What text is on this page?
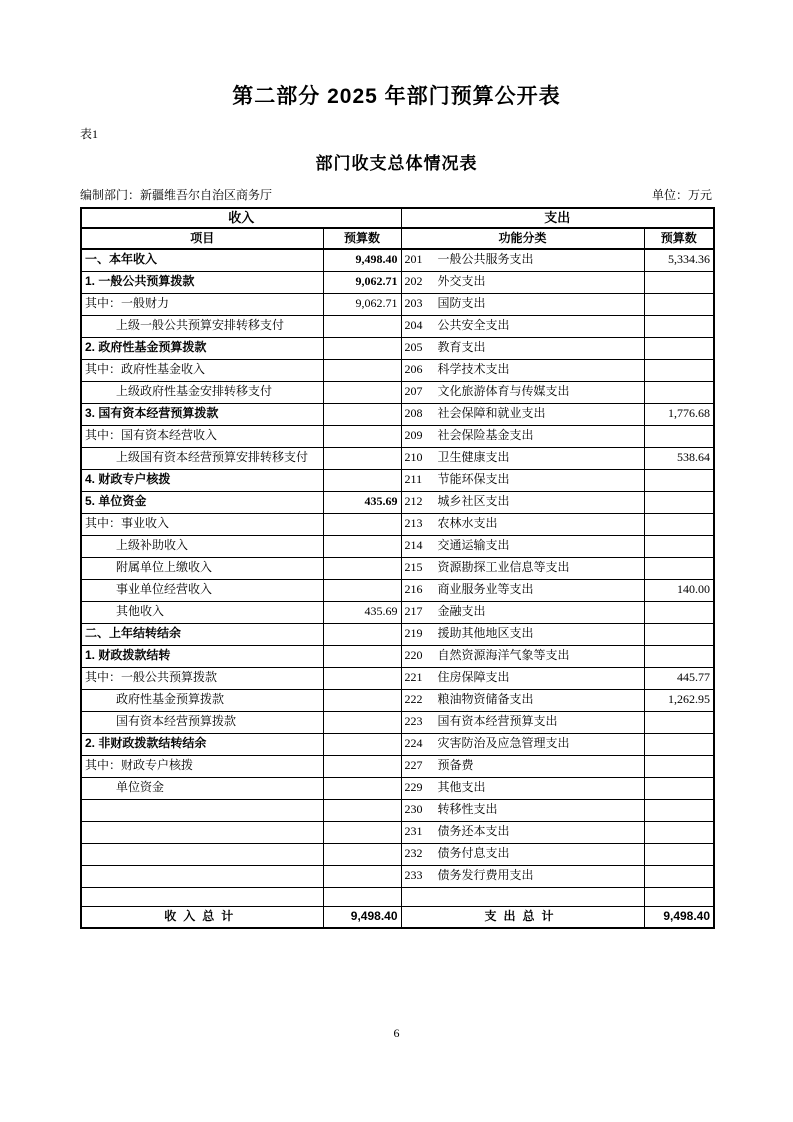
第二部分 2025 年部门预算公开表
表1
部门收支总体情况表
编制部门：新疆维吾尔自治区商务厅	单位：万元
收入		支出	
项目	预算数	功能分类	预算数
一、本年收入	9,498.40	201 一般公共服务支出	5,334.36
1. 一般公共预算拨款	9,062.71	202 外交支出	
其中：一般财力	9,062.71	203 国防支出	
上级一般公共预算安排转移支付		204 公共安全支出	
2. 政府性基金预算拨款		205 教育支出	
其中：政府性基金收入		206 科学技术支出	
上级政府性基金安排转移支付		207 文化旅游体育与传媒支出	
3. 国有资本经营预算拨款		208 社会保障和就业支出	1,776.68
其中：国有资本经营收入		209 社会保险基金支出	
上级国有资本经营预算安排转移支付		210 卫生健康支出	538.64
4. 财政专户核拨		211 节能环保支出	
5. 单位资金	435.69	212 城乡社区支出	
其中：事业收入		213 农林水支出	
上级补助收入		214 交通运输支出	
附属单位上缴收入		215 资源勘探工业信息等支出	
事业单位经营收入		216 商业服务业等支出	140.00
其他收入	435.69	217 金融支出	
二、上年结转结余		219 援助其他地区支出	
1. 财政拨款结转		220 自然资源海洋气象等支出	
其中：一般公共预算拨款		221 住房保障支出	445.77
政府性基金预算拨款		222 粮油物资储备支出	1,262.95
国有资本经营预算拨款		223 国有资本经营预算支出	
2. 非财政拨款结转结余		224 灾害防治及应急管理支出	
其中：财政专户核拨		227 预备费	
单位资金		229 其他支出	
		230 转移性支出	
		231 债务还本支出	
		232 债务付息支出	
		233 债务发行费用支出	

收入总计	9,498.40	支出总计	9,498.40
6
